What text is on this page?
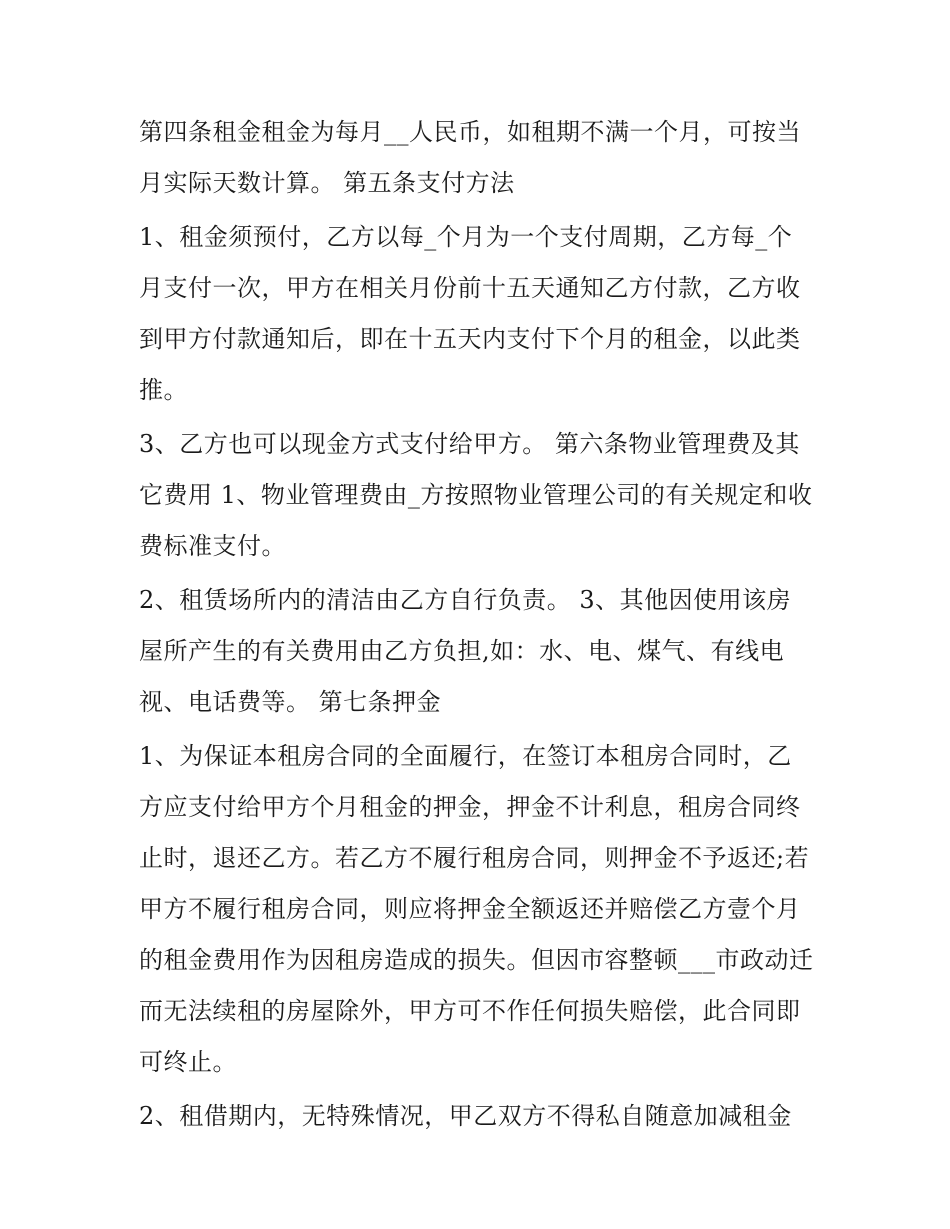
第四条租金租金为每月__人民币，如租期不满一个月，可按当月实际天数计算。 第五条支付方法

1、租金须预付，乙方以每_个月为一个支付周期，乙方每_个月支付一次，甲方在相关月份前十五天通知乙方付款，乙方收到甲方付款通知后，即在十五天内支付下个月的租金，以此类推。

3、乙方也可以现金方式支付给甲方。 第六条物业管理费及其它费用 1、物业管理费由_方按照物业管理公司的有关规定和收费标准支付。

2、租赁场所内的清洁由乙方自行负责。 3、其他因使用该房屋所产生的有关费用由乙方负担,如：水、电、煤气、有线电视、电话费等。 第七条押金

1、为保证本租房合同的全面履行，在签订本租房合同时，乙方应支付给甲方个月租金的押金，押金不计利息，租房合同终止时，退还乙方。若乙方不履行租房合同，则押金不予返还;若甲方不履行租房合同，则应将押金全额返还并赔偿乙方壹个月的租金费用作为因租房造成的损失。但因市容整顿___市政动迁而无法续租的房屋除外，甲方可不作任何损失赔偿，此合同即可终止。

2、租借期内，无特殊情况，甲乙双方不得私自随意加减租金
